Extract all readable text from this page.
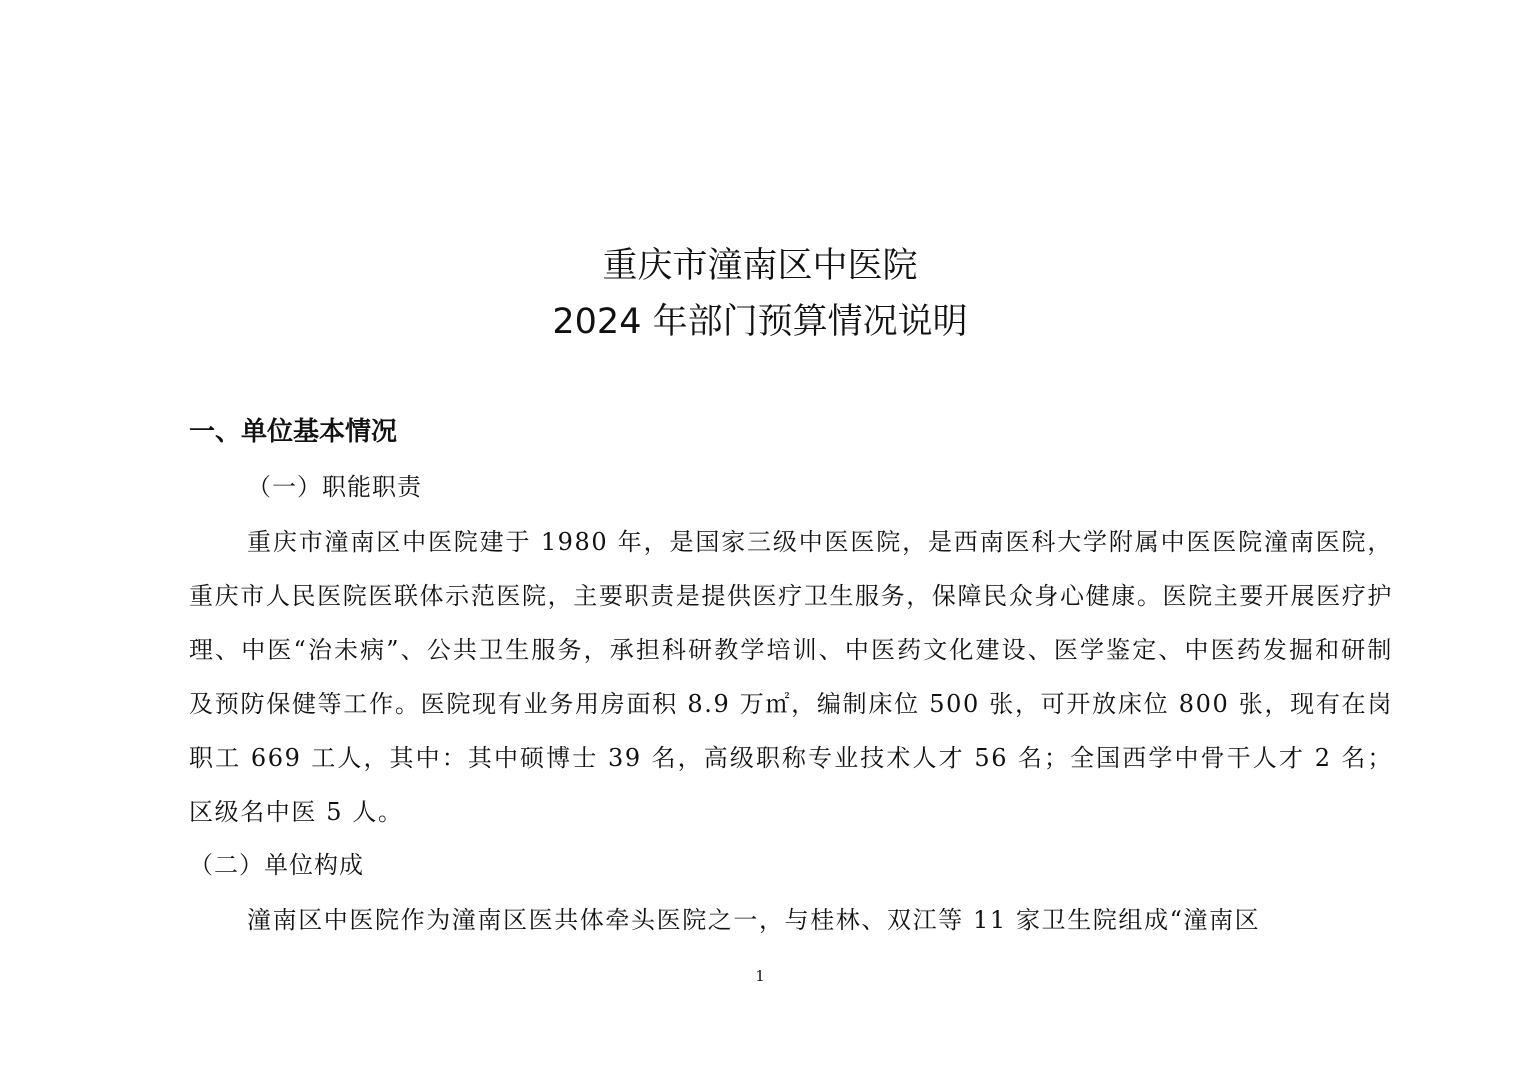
重庆市潼南区中医院
2024 年部门预算情况说明
一、单位基本情况
（一）职能职责

重庆市潼南区中医院建于 1980 年，是国家三级中医医院，是西南医科大学附属中医医院潼南医院，重庆市人民医院医联体示范医院，主要职责是提供医疗卫生服务，保障民众身心健康。医院主要开展医疗护理、中医“治未病”、公共卫生服务，承担科研教学培训、中医药文化建设、医学鉴定、中医药发掘和研制及预防保健等工作。医院现有业务用房面积 8.9 万㎡，编制床位 500 张，可开放床位 800 张，现有在岗职工 669 工人，其中：其中硕博士 39 名，高级职称专业技术人才 56 名；全国西学中骨干人才 2 名；区级名中医 5 人。

（二）单位构成

潼南区中医院作为潼南区医共体牵头医院之一，与桂林、双江等 11 家卫生院组成“潼南区

1
